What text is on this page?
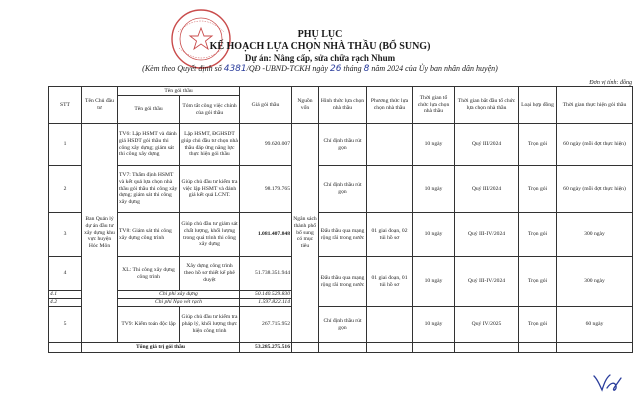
PHỤ LỤC
KẾ HOẠCH LỰA CHỌN NHÀ THẦU (BỔ SUNG)
Dự án: Nâng cấp, sửa chữa rạch Nhum
(Kèm theo Quyết định số 4381/QĐ -UBND-TCKH ngày 26 tháng 8 năm 2024 của Ủy ban nhân dân huyện)
Đơn vị tính: đồng
STT	Tên Chủ đầu tư	Tên gói thầu		Giá gói thầu	Nguồn vốn	Hình thức lựa chọn nhà thầu	Phương thức lựa chọn nhà thầu	Thời gian tổ chức lựa chọn nhà thầu	Thời gian bắt đầu tổ chức lựa chọn nhà thầu	Loại hợp đồng	Thời gian thực hiện gói thầu
		Tên gói thầu	Tóm tắt công việc chính của gói thầu								
1	Ban Quản lý dự án đầu tư xây dựng khu vực huyện Hóc Môn	TV6: Lập HSMT và đánh giá HSDT gói thầu thi công xây dựng; giám sát thi công xây dựng	Lập HSMT, ĐGHSDT giúp chủ đầu tư chọn nhà thầu đáp ứng năng lực thực hiện gói thầu	99.620.007	Ngân sách thành phố bổ sung có mục tiêu	Chỉ định thầu rút gọn		10 ngày	Quý III/2024	Trọn gói	60 ngày (mỗi đợt thực hiện)
2		TV7: Thẩm định HSMT và kết quả lựa chọn nhà thầu gói thầu thi công xây dựng; giám sát thi công xây dựng	Giúp chủ đầu tư kiểm tra việc lập HSMT và đánh giá kết quả LCNT.	98.179.765		Chỉ định thầu rút gọn		10 ngày	Quý III/2024	Trọn gói	60 ngày (mỗi đợt thực hiện)
3		TV8: Giám sát thi công xây dựng công trình	Giúp chủ đầu tư giám sát chất lượng, khối lượng trong quá trình thi công xây dựng	1.081.407.848		Đấu thầu qua mạng rộng rãi trong nước	01 giai đoạn, 02 túi hồ sơ	10 ngày	Quý III-IV/2024	Trọn gói	300 ngày
4		XL: Thi công xây dựng công trình	Xây dựng công trình theo hồ sơ thiết kế phê duyệt	51.738.351.944		Đấu thầu qua mạng rộng rãi trong nước	01 giai đoạn, 01 túi hồ sơ	10 ngày	Quý III-IV/2024	Trọn gói	300 ngày
4.1		Chi phí xây dựng		50.140.529.830							
4.2		Chi phí Nạo vét rạch		1.597.822.114							
5		TV9: Kiểm toán độc lập	Giúp chủ đầu tư kiểm tra pháp lý, khối lượng thực hiện công trình	267.715.952		Chỉ định thầu rút gọn		10 ngày	Quý IV/2025	Trọn gói	60 ngày
	Tổng giá trị gói thầu			53.285.275.516							
